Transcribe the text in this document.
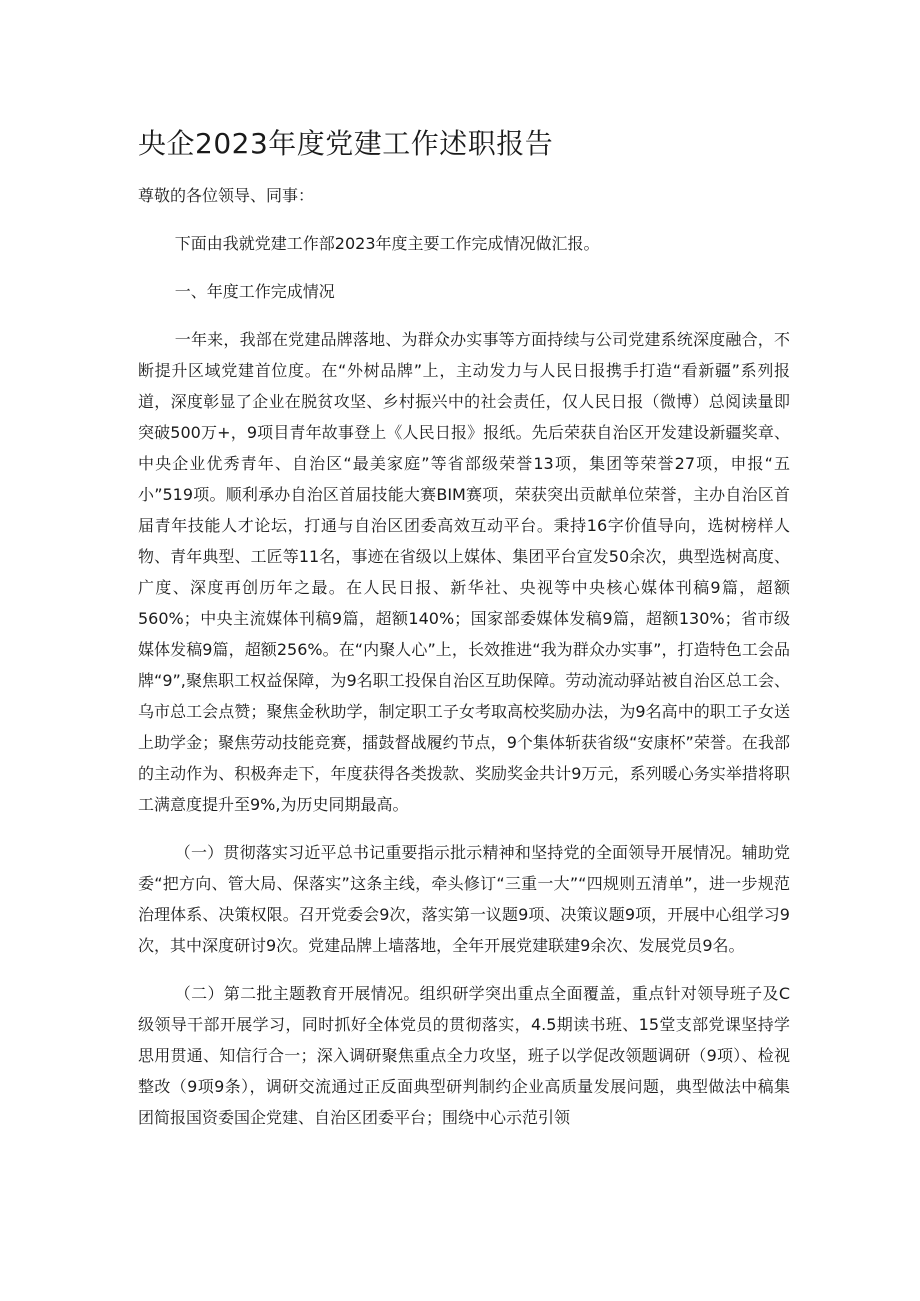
央企2023年度党建工作述职报告

尊敬的各位领导、同事：

下面由我就党建工作部2023年度主要工作完成情况做汇报。

一、年度工作完成情况

一年来，我部在党建品牌落地、为群众办实事等方面持续与公司党建系统深度融合，不断提升区域党建首位度。在“外树品牌”上，主动发力与人民日报携手打造“看新疆”系列报道，深度彰显了企业在脱贫攻坚、乡村振兴中的社会责任，仅人民日报（微博）总阅读量即突破500万+，9项目青年故事登上《人民日报》报纸。先后荣获自治区开发建设新疆奖章、中央企业优秀青年、自治区“最美家庭”等省部级荣誉13项，集团等荣誉27项，申报“五小”519项。顺利承办自治区首届技能大赛BIM赛项，荣获突出贡献单位荣誉，主办自治区首届青年技能人才论坛，打通与自治区团委高效互动平台。秉持16字价值导向，选树榜样人物、青年典型、工匠等11名，事迹在省级以上媒体、集团平台宣发50余次，典型选树高度、广度、深度再创历年之最。在人民日报、新华社、央视等中央核心媒体刊稿9篇，超额560%；中央主流媒体刊稿9篇，超额140%；国家部委媒体发稿9篇，超额130%；省市级媒体发稿9篇，超额256%。在“内聚人心”上，长效推进“我为群众办实事”，打造特色工会品牌“9”,聚焦职工权益保障，为9名职工投保自治区互助保障。劳动流动驿站被自治区总工会、乌市总工会点赞；聚焦金秋助学，制定职工子女考取高校奖励办法，为9名高中的职工子女送上助学金；聚焦劳动技能竞赛，擂鼓督战履约节点，9个集体斩获省级“安康杯”荣誉。在我部的主动作为、积极奔走下，年度获得各类拨款、奖励奖金共计9万元，系列暖心务实举措将职工满意度提升至9%,为历史同期最高。

（一）贯彻落实习近平总书记重要指示批示精神和坚持党的全面领导开展情况。辅助党委“把方向、管大局、保落实”这条主线，牵头修订“三重一大”“四规则五清单”，进一步规范治理体系、决策权限。召开党委会9次，落实第一议题9项、决策议题9项，开展中心组学习9次，其中深度研讨9次。党建品牌上墙落地，全年开展党建联建9余次、发展党员9名。

（二）第二批主题教育开展情况。组织研学突出重点全面覆盖，重点针对领导班子及C级领导干部开展学习，同时抓好全体党员的贯彻落实，4.5期读书班、15堂支部党课坚持学思用贯通、知信行合一；深入调研聚焦重点全力攻坚，班子以学促改领题调研（9项）、检视整改（9项9条），调研交流通过正反面典型研判制约企业高质量发展问题，典型做法中稿集团简报国资委国企党建、自治区团委平台；围绕中心示范引领
